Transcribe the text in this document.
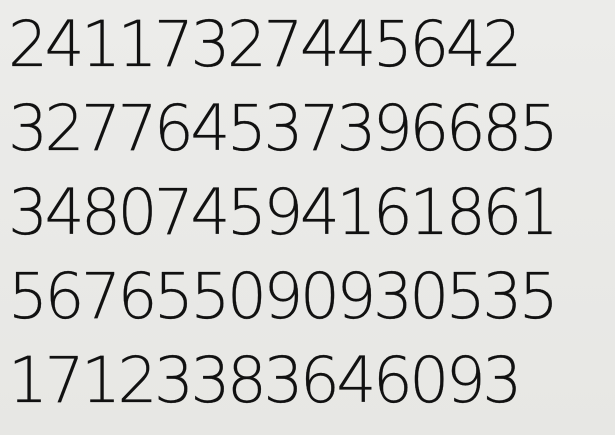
24117327445642
327764537396685
348074594161861
567655090930535
17123383646093
